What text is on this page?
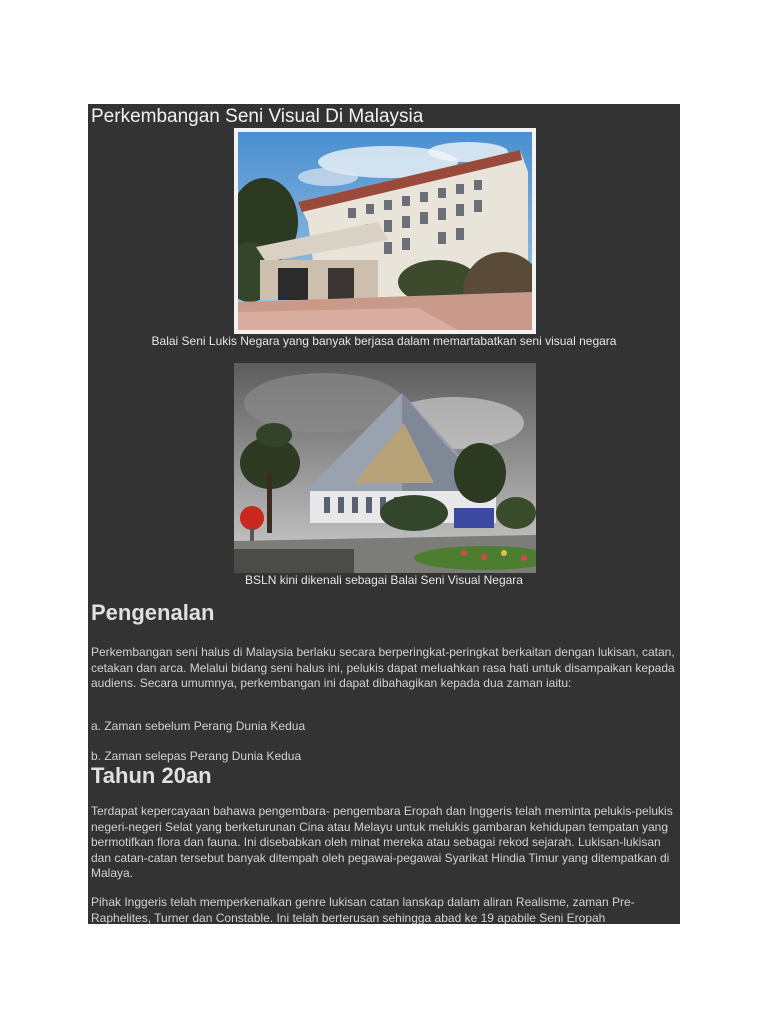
Perkembangan Seni Visual Di Malaysia
Balai Seni Lukis Negara yang banyak berjasa dalam memartabatkan seni visual negara
BSLN kini dikenali sebagai Balai Seni Visual Negara
Pengenalan

Perkembangan seni halus di Malaysia berlaku secara berperingkat-peringkat berkaitan dengan lukisan, catan, cetakan dan arca. Melalui bidang seni halus ini, pelukis dapat meluahkan rasa hati untuk disampaikan kepada audiens. Secara umumnya, perkembangan ini dapat dibahagikan kepada dua zaman iaitu:

a. Zaman sebelum Perang Dunia Kedua

b. Zaman selepas Perang Dunia Kedua

Tahun 20an

Terdapat kepercayaan bahawa pengembara- pengembara Eropah dan Inggeris telah meminta pelukis-pelukis negeri-negeri Selat yang berketurunan Cina atau Melayu untuk melukis gambaran kehidupan tempatan yang bermotifkan flora dan fauna. Ini disebabkan oleh minat mereka atau sebagai rekod sejarah. Lukisan-lukisan dan catan-catan tersebut banyak ditempah oleh pegawai-pegawai Syarikat Hindia Timur yang ditempatkan di Malaya.

Pihak Inggeris telah memperkenalkan genre lukisan catan lanskap dalam aliran Realisme, zaman Pre-Raphelites, Turner dan Constable. Ini telah berterusan sehingga abad ke 19 apabile Seni Eropah
